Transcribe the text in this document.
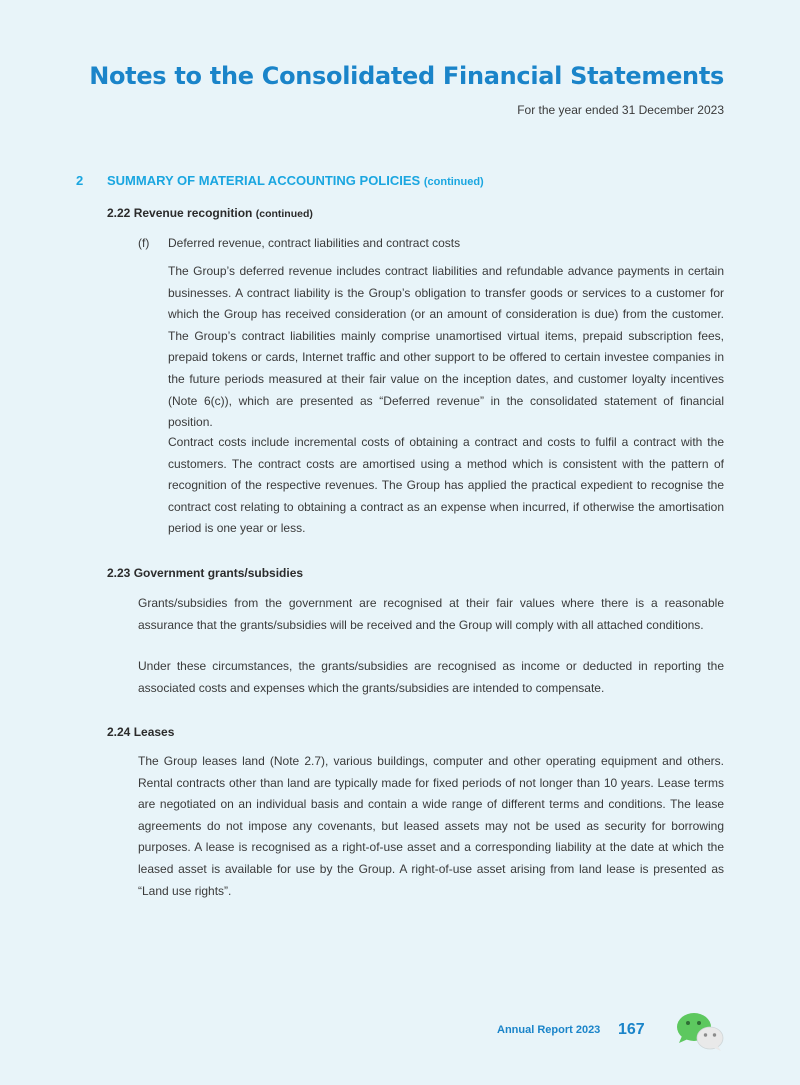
Notes to the Consolidated Financial Statements
For the year ended 31 December 2023
2 SUMMARY OF MATERIAL ACCOUNTING POLICIES (continued)
2.22 Revenue recognition (continued)
(f) Deferred revenue, contract liabilities and contract costs
The Group’s deferred revenue includes contract liabilities and refundable advance payments in certain businesses. A contract liability is the Group’s obligation to transfer goods or services to a customer for which the Group has received consideration (or an amount of consideration is due) from the customer. The Group’s contract liabilities mainly comprise unamortised virtual items, prepaid subscription fees, prepaid tokens or cards, Internet traffic and other support to be offered to certain investee companies in the future periods measured at their fair value on the inception dates, and customer loyalty incentives (Note 6(c)), which are presented as “Deferred revenue” in the consolidated statement of financial position.
Contract costs include incremental costs of obtaining a contract and costs to fulfil a contract with the customers. The contract costs are amortised using a method which is consistent with the pattern of recognition of the respective revenues. The Group has applied the practical expedient to recognise the contract cost relating to obtaining a contract as an expense when incurred, if otherwise the amortisation period is one year or less.
2.23 Government grants/subsidies
Grants/subsidies from the government are recognised at their fair values where there is a reasonable assurance that the grants/subsidies will be received and the Group will comply with all attached conditions.
Under these circumstances, the grants/subsidies are recognised as income or deducted in reporting the associated costs and expenses which the grants/subsidies are intended to compensate.
2.24 Leases
The Group leases land (Note 2.7), various buildings, computer and other operating equipment and others. Rental contracts other than land are typically made for fixed periods of not longer than 10 years. Lease terms are negotiated on an individual basis and contain a wide range of different terms and conditions. The lease agreements do not impose any covenants, but leased assets may not be used as security for borrowing purposes. A lease is recognised as a right-of-use asset and a corresponding liability at the date at which the leased asset is available for use by the Group. A right-of-use asset arising from land lease is presented as “Land use rights”.
Annual Report 2023 167
